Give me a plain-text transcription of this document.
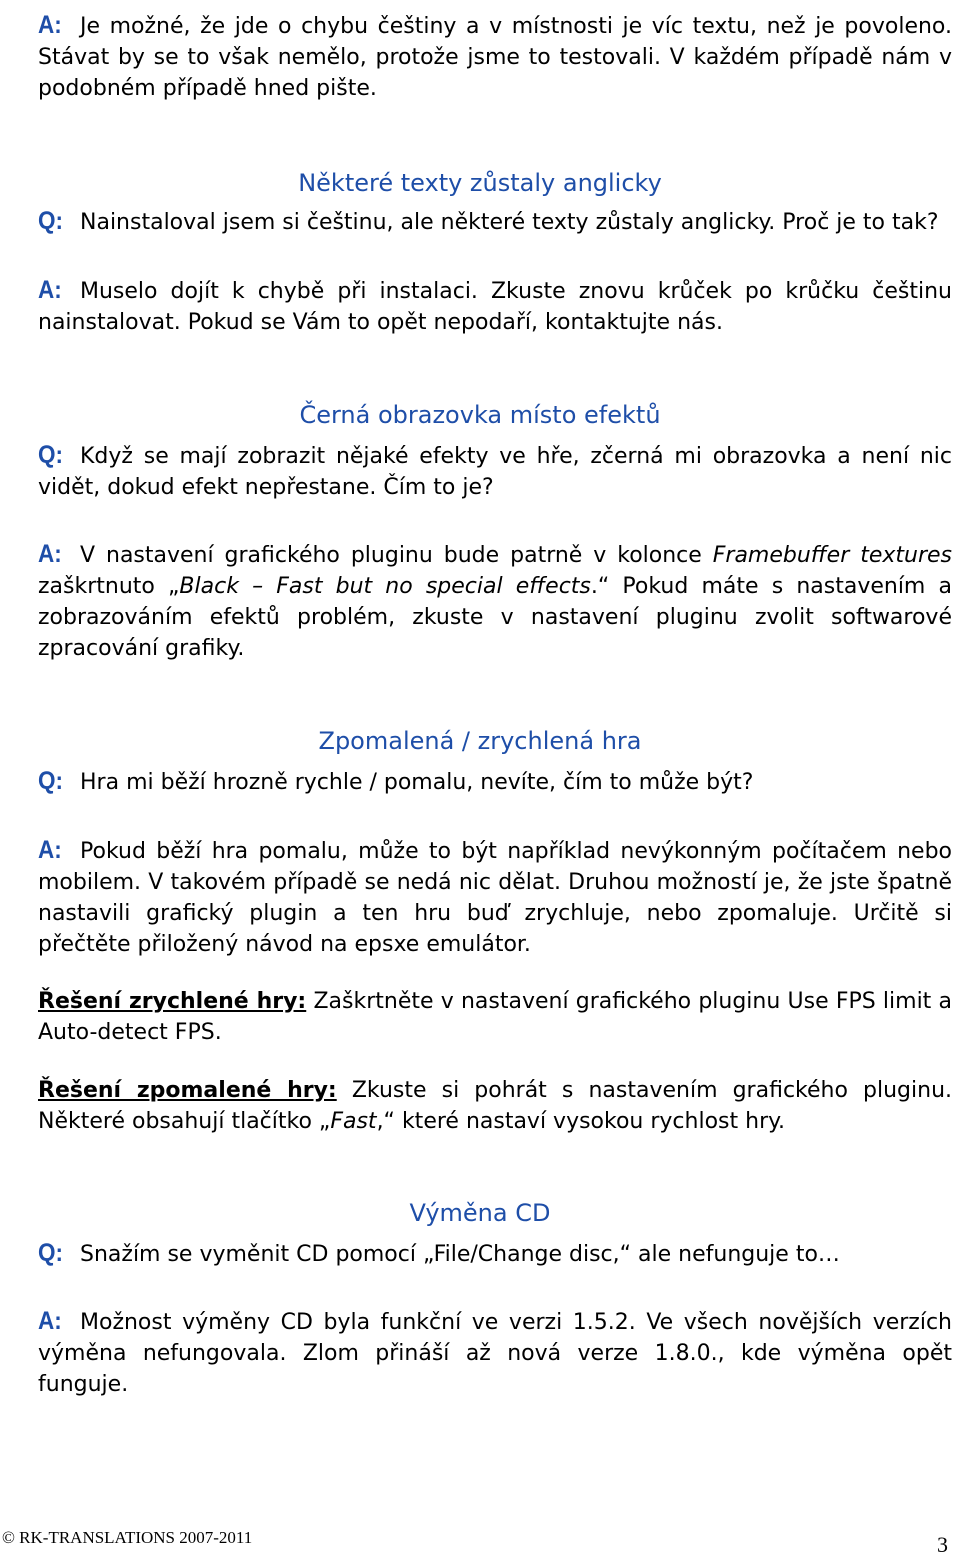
A: Je možné, že jde o chybu češtiny a v místnosti je víc textu, než je povoleno. Stávat by se to však nemělo, protože jsme to testovali. V každém případě nám v podobném případě hned pište.

Některé texty zůstaly anglicky

Q: Nainstaloval jsem si češtinu, ale některé texty zůstaly anglicky. Proč je to tak?

A: Muselo dojít k chybě při instalaci. Zkuste znovu krůček po krůčku češtinu nainstalovat. Pokud se Vám to opět nepodaří, kontaktujte nás.

Černá obrazovka místo efektů

Q: Když se mají zobrazit nějaké efekty ve hře, zčerná mi obrazovka a není nic vidět, dokud efekt nepřestane. Čím to je?

A: V nastavení grafického pluginu bude patrně v kolonce Framebuffer textures zaškrtnuto „Black – Fast but no special effects.“ Pokud máte s nastavením a zobrazováním efektů problém, zkuste v nastavení pluginu zvolit softwarové zpracování grafiky.

Zpomalená / zrychlená hra

Q: Hra mi běží hrozně rychle / pomalu, nevíte, čím to může být?

A: Pokud běží hra pomalu, může to být například nevýkonným počítačem nebo mobilem. V takovém případě se nedá nic dělat. Druhou možností je, že jste špatně nastavili grafický plugin a ten hru buď zrychluje, nebo zpomaluje. Určitě si přečtěte přiložený návod na epsxe emulátor.

Řešení zrychlené hry: Zaškrtněte v nastavení grafického pluginu Use FPS limit a Auto-detect FPS.

Řešení zpomalené hry: Zkuste si pohrát s nastavením grafického pluginu. Některé obsahují tlačítko „Fast,“ které nastaví vysokou rychlost hry.

Výměna CD

Q: Snažím se vyměnit CD pomocí „File/Change disc,“ ale nefunguje to…

A: Možnost výměny CD byla funkční ve verzi 1.5.2. Ve všech novějších verzích výměna nefungovala. Zlom přináší až nová verze 1.8.0., kde výměna opět funguje.

© RK-TRANSLATIONS 2007-2011	3
